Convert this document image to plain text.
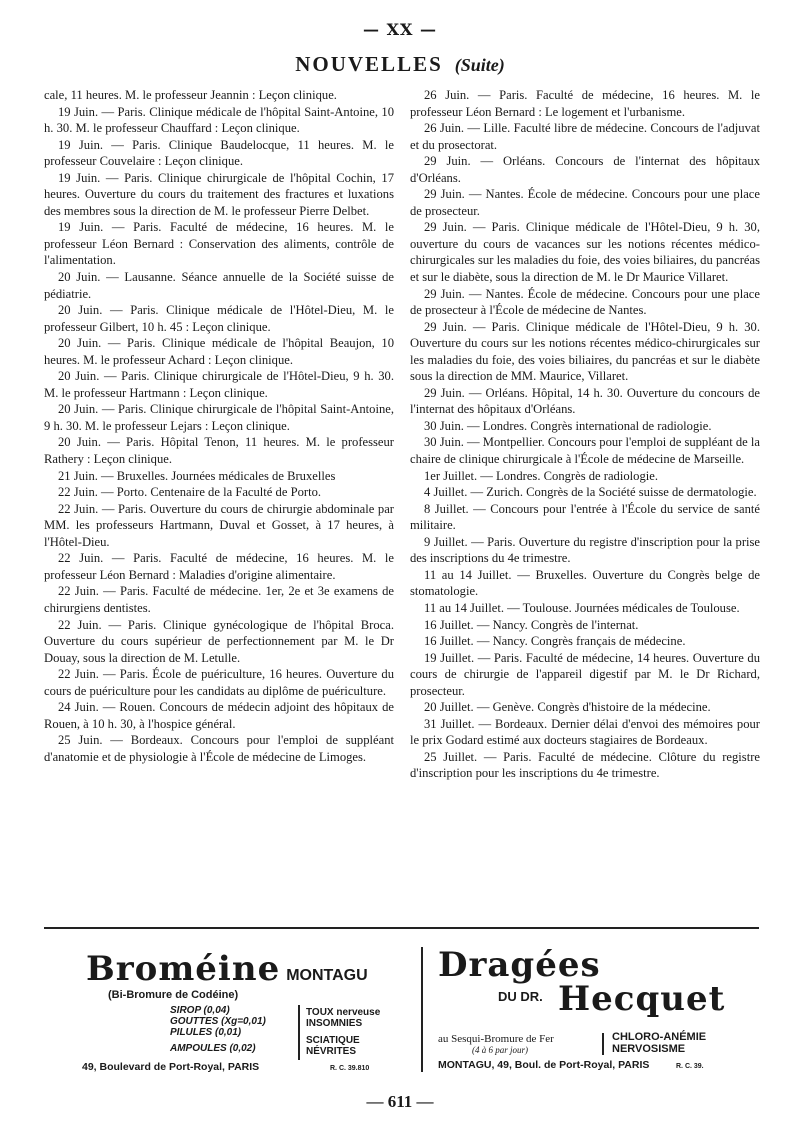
— XX —
NOUVELLES (Suite)

cale, 11 heures. M. le professeur Jeannin : Leçon clinique.

19 Juin. — Paris. Clinique médicale de l'hôpital Saint-Antoine, 10 h. 30. M. le professeur Chauffard : Leçon clinique.

19 Juin. — Paris. Clinique Baudelocque, 11 heures. M. le professeur Couvelaire : Leçon clinique.

19 Juin. — Paris. Clinique chirurgicale de l'hôpital Cochin, 17 heures. Ouverture du cours du traitement des fractures et luxations des membres sous la direction de M. le professeur Pierre Delbet.

19 Juin. — Paris. Faculté de médecine, 16 heures. M. le professeur Léon Bernard : Conservation des aliments, contrôle de l'alimentation.

20 Juin. — Lausanne. Séance annuelle de la Société suisse de pédiatrie.

20 Juin. — Paris. Clinique médicale de l'Hôtel-Dieu, M. le professeur Gilbert, 10 h. 45 : Leçon clinique.

20 Juin. — Paris. Clinique médicale de l'hôpital Beaujon, 10 heures. M. le professeur Achard : Leçon clinique.

20 Juin. — Paris. Clinique chirurgicale de l'Hôtel-Dieu, 9 h. 30. M. le professeur Hartmann : Leçon clinique.

20 Juin. — Paris. Clinique chirurgicale de l'hôpital Saint-Antoine, 9 h. 30. M. le professeur Lejars : Leçon clinique.

20 Juin. — Paris. Hôpital Tenon, 11 heures. M. le professeur Rathery : Leçon clinique.

21 Juin. — Bruxelles. Journées médicales de Bruxelles

22 Juin. — Porto. Centenaire de la Faculté de Porto.

22 Juin. — Paris. Ouverture du cours de chirurgie abdominale par MM. les professeurs Hartmann, Duval et Gosset, à 17 heures, à l'Hôtel-Dieu.

22 Juin. — Paris. Faculté de médecine, 16 heures. M. le professeur Léon Bernard : Maladies d'origine alimentaire.

22 Juin. — Paris. Faculté de médecine. 1er, 2e et 3e examens de chirurgiens dentistes.

22 Juin. — Paris. Clinique gynécologique de l'hôpital Broca. Ouverture du cours supérieur de perfectionnement par M. le Dr Douay, sous la direction de M. Letulle.

22 Juin. — Paris. École de puériculture, 16 heures. Ouverture du cours de puériculture pour les candidats au diplôme de puériculture.

24 Juin. — Rouen. Concours de médecin adjoint des hôpitaux de Rouen, à 10 h. 30, à l'hospice général.

25 Juin. — Bordeaux. Concours pour l'emploi de suppléant d'anatomie et de physiologie à l'École de médecine de Limoges.

26 Juin. — Paris. Faculté de médecine, 16 heures. M. le professeur Léon Bernard : Le logement et l'urbanisme.

26 Juin. — Lille. Faculté libre de médecine. Concours de l'adjuvat et du prosectorat.

29 Juin. — Orléans. Concours de l'internat des hôpitaux d'Orléans.

29 Juin. — Nantes. École de médecine. Concours pour une place de prosecteur.

29 Juin. — Paris. Clinique médicale de l'Hôtel-Dieu, 9 h. 30, ouverture du cours de vacances sur les notions récentes médico-chirurgicales sur les maladies du foie, des voies biliaires, du pancréas et sur le diabète, sous la direction de M. le Dr Maurice Villaret.

29 Juin. — Nantes. École de médecine. Concours pour une place de prosecteur à l'École de médecine de Nantes.

29 Juin. — Paris. Clinique médicale de l'Hôtel-Dieu, 9 h. 30. Ouverture du cours sur les notions récentes médico-chirurgicales sur les maladies du foie, des voies biliaires, du pancréas et sur le diabète sous la direction de MM. Maurice, Villaret.

29 Juin. — Orléans. Hôpital, 14 h. 30. Ouverture du concours de l'internat des hôpitaux d'Orléans.

30 Juin. — Londres. Congrès international de radiologie.

30 Juin. — Montpellier. Concours pour l'emploi de suppléant de la chaire de clinique chirurgicale à l'École de médecine de Marseille.

1er Juillet. — Londres. Congrès de radiologie.

4 Juillet. — Zurich. Congrès de la Société suisse de dermatologie.

8 Juillet. — Concours pour l'entrée à l'École du service de santé militaire.

9 Juillet. — Paris. Ouverture du registre d'inscription pour la prise des inscriptions du 4e trimestre.

11 au 14 Juillet. — Bruxelles. Ouverture du Congrès belge de stomatologie.

11 au 14 Juillet. — Toulouse. Journées médicales de Toulouse.

16 Juillet. — Nancy. Congrès de l'internat.

16 Juillet. — Nancy. Congrès français de médecine.

19 Juillet. — Paris. Faculté de médecine, 14 heures. Ouverture du cours de chirurgie de l'appareil digestif par M. le Dr Richard, prosecteur.

20 Juillet. — Genève. Congrès d'histoire de la médecine.

31 Juillet. — Bordeaux. Dernier délai d'envoi des mémoires pour le prix Godard estimé aux docteurs stagiaires de Bordeaux.

25 Juillet. — Paris. Faculté de médecine. Clôture du registre d'inscription pour les inscriptions du 4e trimestre.

Broméine MONTAGU
(Bi-Bromure de Codéine)
SIROP (0,04)
GOUTTES (Xg=0,01)
PILULES (0,01)
AMPOULES (0,02)
TOUX nerveuse
INSOMNIES
SCIATIQUE
NÉVRITES
49, Boulevard de Port-Royal, PARIS	R. C. 39.810
Dragées
DU DR. Hecquet
au Sesqui-Bromure de Fer
(4 à 6 par jour)
CHLORO-ANÉMIE
NERVOSISME
MONTAGU, 49, Boul. de Port-Royal, PARIS	R. C. 39.
— 611 —
